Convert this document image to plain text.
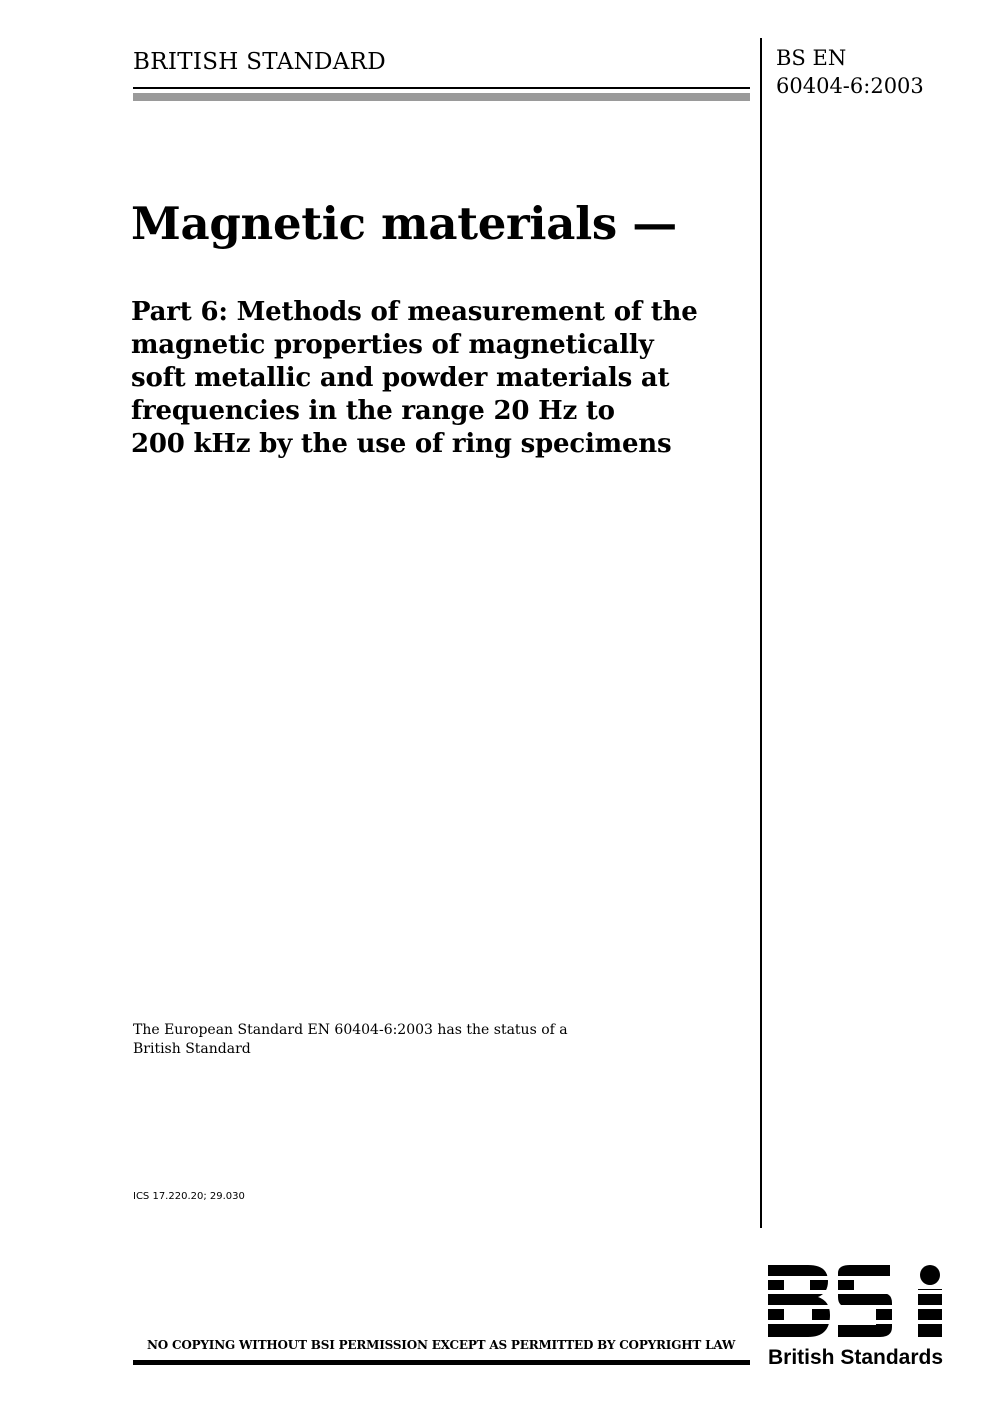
BRITISH STANDARD	BS EN
60404-6:2003
Magnetic materials —
Part 6: Methods of measurement of the
magnetic properties of magnetically
soft metallic and powder materials at
frequencies in the range 20 Hz to
200 kHz by the use of ring specimens
The European Standard EN 60404-6:2003 has the status of a
British Standard
ICS 17.220.20; 29.030
NO COPYING WITHOUT BSI PERMISSION EXCEPT AS PERMITTED BY COPYRIGHT LAW
British Standards
